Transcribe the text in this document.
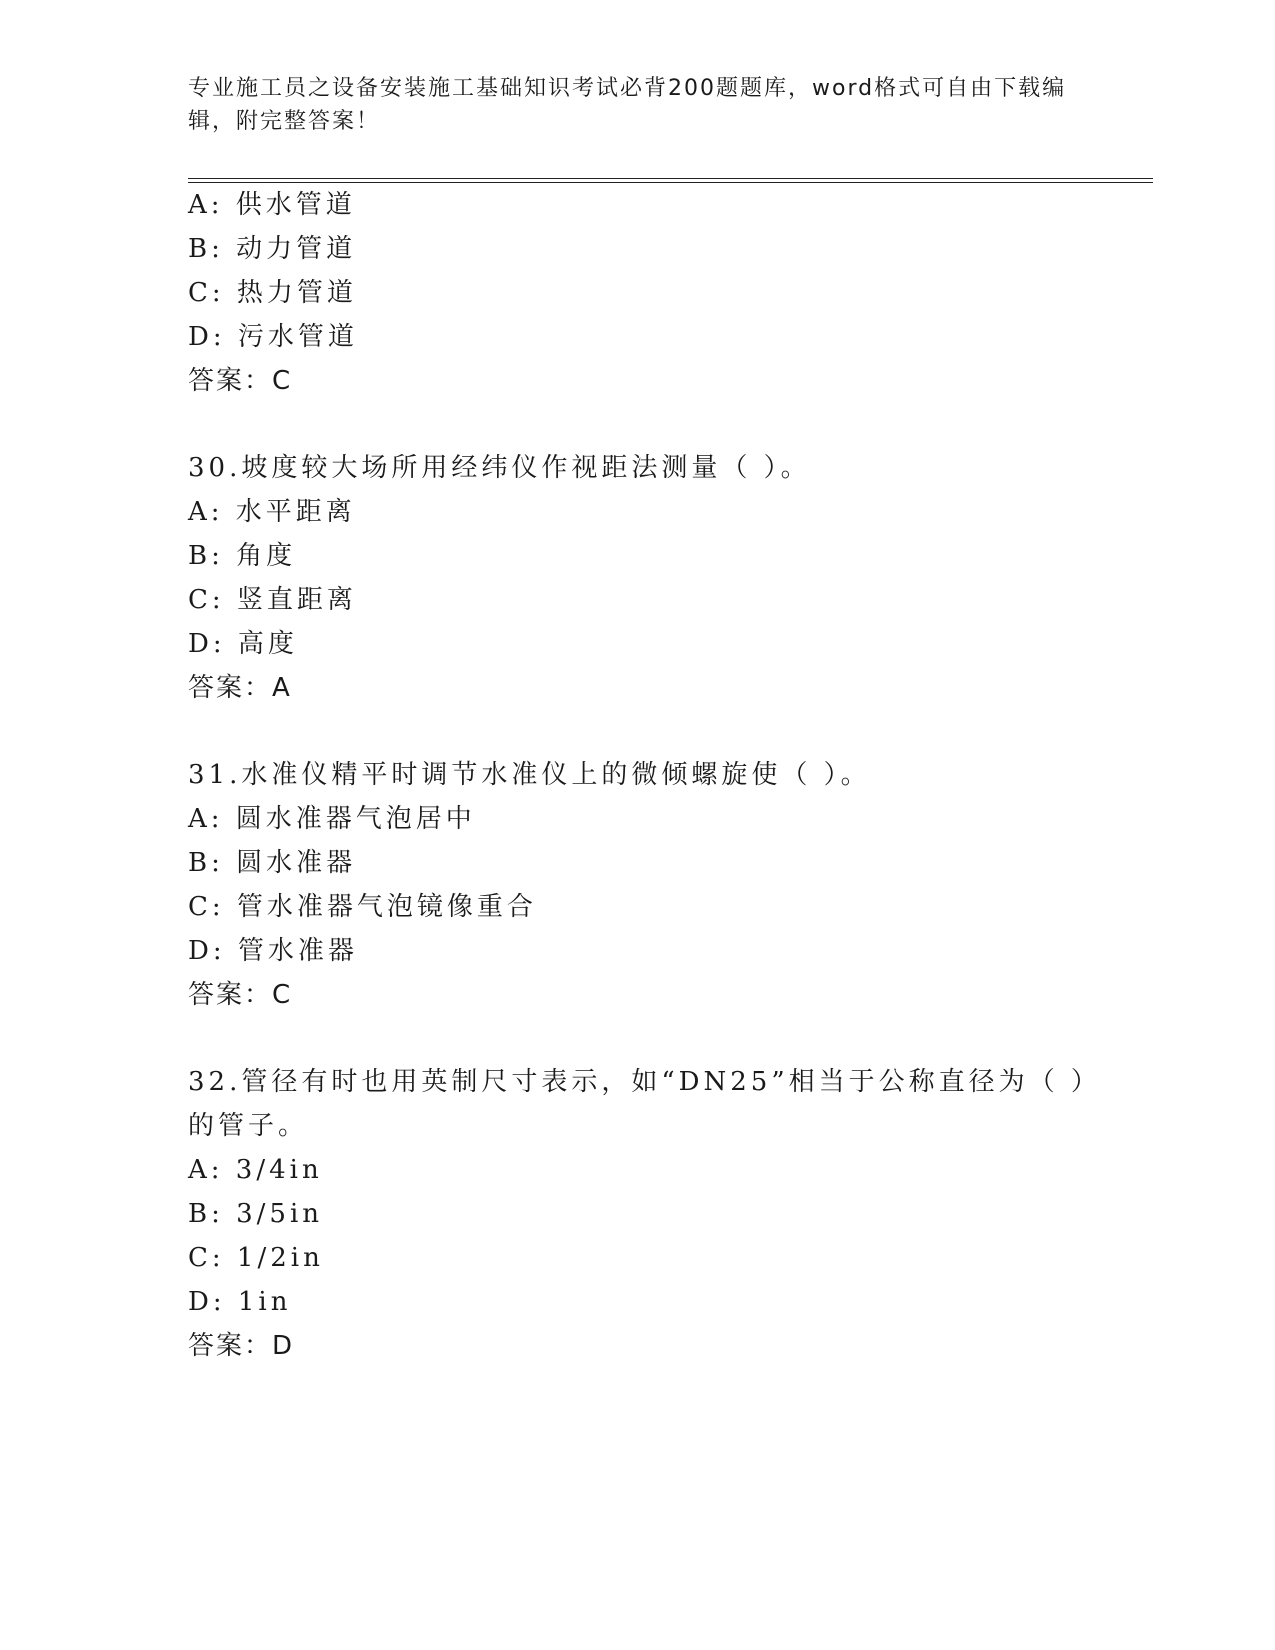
专业施工员之设备安装施工基础知识考试必背200题题库，word格式可自由下载编辑，附完整答案！
A: 供水管道
B: 动力管道
C: 热力管道
D: 污水管道
答案：C
30.坡度较大场所用经纬仪作视距法测量（ ）。
A: 水平距离
B: 角度
C: 竖直距离
D: 高度
答案：A
31.水准仪精平时调节水准仪上的微倾螺旋使（ ）。
A: 圆水准器气泡居中
B: 圆水准器
C: 管水准器气泡镜像重合
D: 管水准器
答案：C
32.管径有时也用英制尺寸表示，如“DN25”相当于公称直径为（ ）
的管子。
A: 3/4in
B: 3/5in
C: 1/2in
D: 1in
答案：D
